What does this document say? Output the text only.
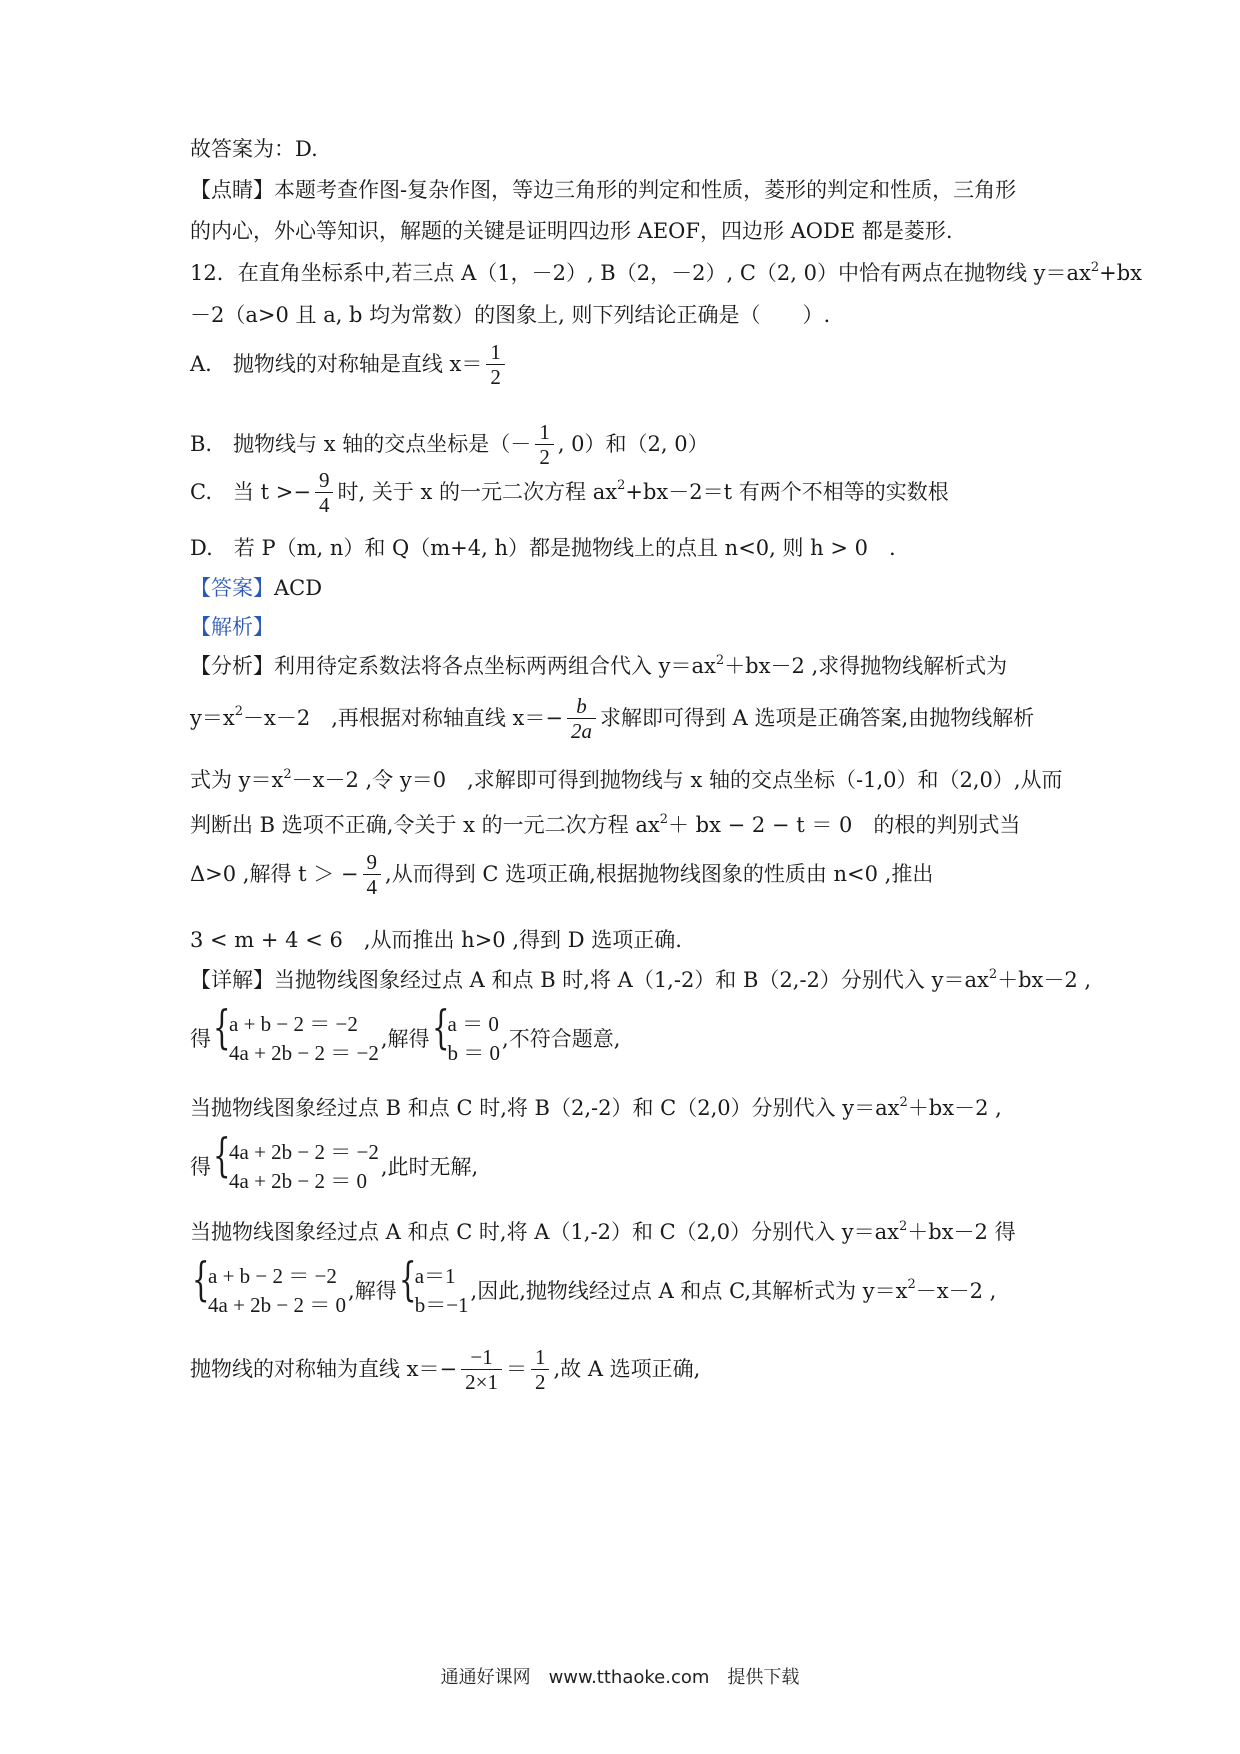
故答案为：D.
【点睛】本题考查作图-复杂作图，等边三角形的判定和性质，菱形的判定和性质，三角形
的内心，外心等知识，解题的关键是证明四边形 AEOF，四边形 AODE 都是菱形.
12．在直角坐标系中,若三点 A（1，－2）, B（2，－2）, C（2, 0）中恰有两点在抛物线 $y=ax^2+bx$
－2（a>0 且 a, b 均为常数）的图象上, 则下列结论正确是（　　）.
A.　抛物线的对称轴是直线 $x= \frac{1}{2}$
B.　抛物线与 x 轴的交点坐标是（－ $\frac{1}{2}$ , 0）和（2, 0）
C.　当 $t >- \frac{9}{4}$ 时, 关于 x 的一元二次方程 $ax^2+bx-2=t$ 有两个不相等的实数根
D.　若 P（m, n）和 Q（m+4, h）都是抛物线上的点且 n<0, 则 h > 0　.
【答案】ACD
【解析】
【分析】利用待定系数法将各点坐标两两组合代入 $y=ax^2+bx-2$ ,求得抛物线解析式为
$y=x^2-x-2$　,再根据对称轴直线 $x=- \frac{b}{2a}$ 求解即可得到 A 选项是正确答案,由抛物线解析
式为 $y=x^2-x-2$ ,令 y＝0　,求解即可得到抛物线与 x 轴的交点坐标（-1,0）和（2,0）,从而
判断出 B 选项不正确,令关于 x 的一元二次方程 $ax^2+$ bx − 2 − t ＝ 0　的根的判别式当
Δ>0 ,解得 t ＞ − $\frac{9}{4}$ ,从而得到 C 选项正确,根据抛物线图象的性质由 n<0 ,推出
3 < m + 4 < 6　,从而推出 h>0 ,得到 D 选项正确.
【详解】当抛物线图象经过点 A 和点 B 时,将 A（1,-2）和 B（2,-2）分别代入 $y=ax^2+bx-2$ ,
得 {
a + b − 2 ＝ −2
4a + 2b − 2 ＝ −2
,解得 {
a ＝ 0
b ＝ 0
,不符合题意,
当抛物线图象经过点 B 和点 C 时,将 B（2,-2）和 C（2,0）分别代入 $y=ax^2+bx-2$ ,
得 {
4a + 2b − 2 ＝ −2
4a + 2b − 2 ＝ 0
,此时无解,
当抛物线图象经过点 A 和点 C 时,将 A（1,-2）和 C（2,0）分别代入 $y=ax^2+bx-2$ 得
{
a + b − 2 ＝ −2
4a + 2b − 2 ＝ 0
,解得 {
a＝1
b＝−1
,因此,抛物线经过点 A 和点 C,其解析式为 $y=x^2-x-2$ ,
抛物线的对称轴为直线 $x=- \frac{-1}{2\times 1} = \frac{1}{2}$ ,故 A 选项正确,
通通好课网　www.tthaoke.com　提供下载
